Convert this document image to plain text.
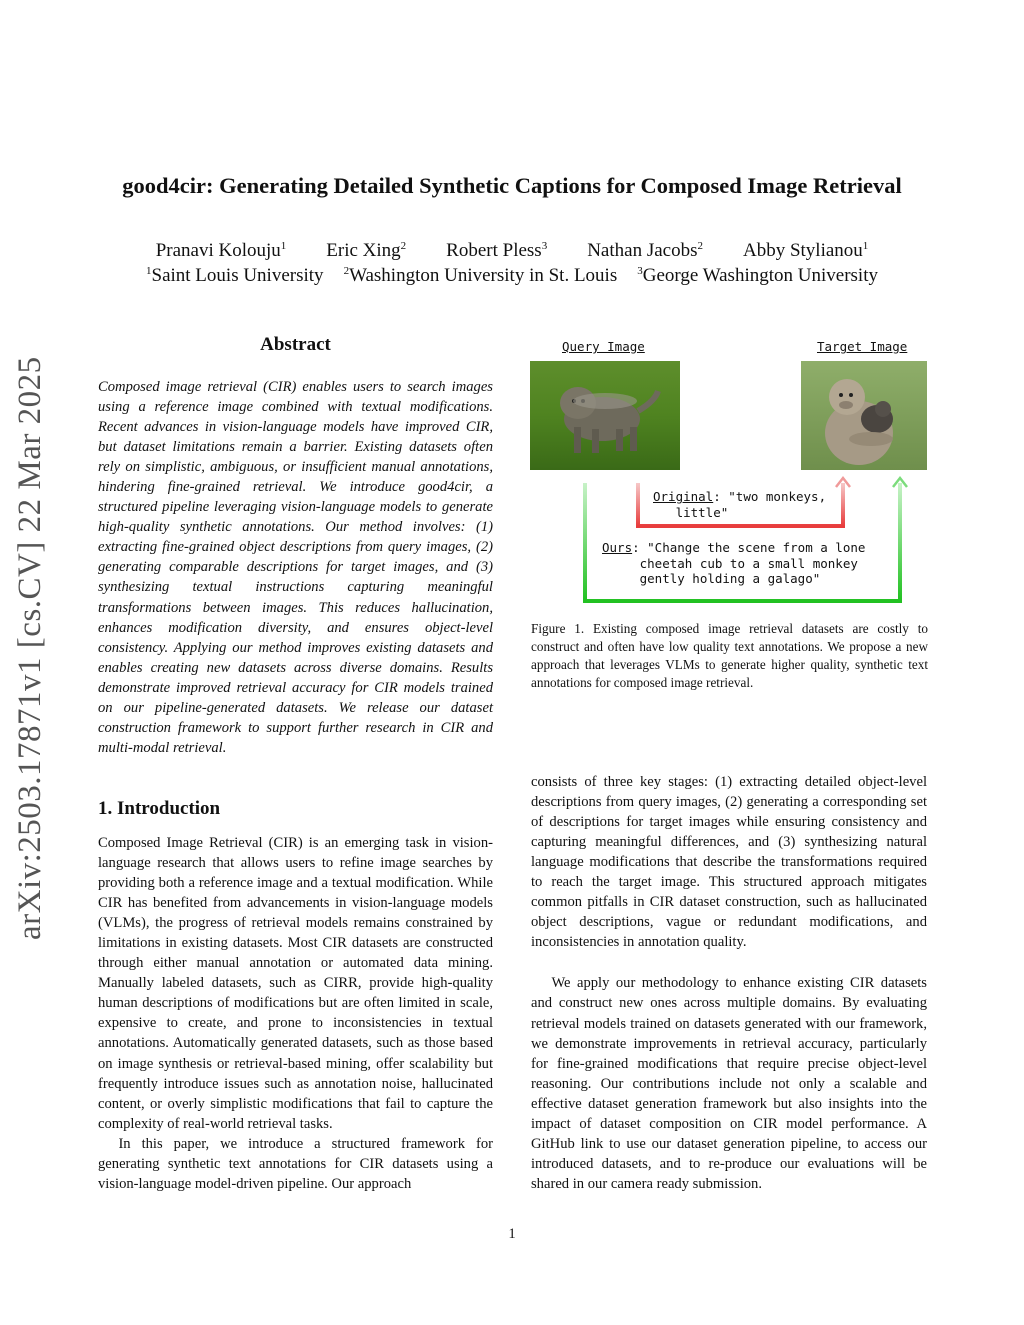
arXiv:2503.17871v1 [cs.CV] 22 Mar 2025
good4cir: Generating Detailed Synthetic Captions for Composed Image Retrieval
Pranavi Kolouju$^1$ Eric Xing$^2$ Robert Pless$^3$ Nathan Jacobs$^2$ Abby Stylianou$^1$
$^1$Saint Louis University $^2$Washington University in St. Louis $^3$George Washington University
Abstract
Composed image retrieval (CIR) enables users to search images using a reference image combined with textual modifications. Recent advances in vision-language models have improved CIR, but dataset limitations remain a barrier. Existing datasets often rely on simplistic, ambiguous, or insufficient manual annotations, hindering fine-grained retrieval. We introduce good4cir, a structured pipeline leveraging vision-language models to generate high-quality synthetic annotations. Our method involves: (1) extracting fine-grained object descriptions from query images, (2) generating comparable descriptions for target images, and (3) synthesizing textual instructions capturing meaningful transformations between images. This reduces hallucination, enhances modification diversity, and ensures object-level consistency. Applying our method improves existing datasets and enables creating new datasets across diverse domains. Results demonstrate improved retrieval accuracy for CIR models trained on our pipeline-generated datasets. We release our dataset construction framework to support further research in CIR and multi-modal retrieval.
1. Introduction

Composed Image Retrieval (CIR) is an emerging task in vision-language research that allows users to refine image searches by providing both a reference image and a textual modification. While CIR has benefited from advancements in vision-language models (VLMs), the progress of retrieval models remains constrained by limitations in existing datasets. Most CIR datasets are constructed through either manual annotation or automated data mining. Manually labeled datasets, such as CIRR, provide high-quality human descriptions of modifications but are often limited in scale, expensive to create, and prone to inconsistencies in textual annotations. Automatically generated datasets, such as those based on image synthesis or retrieval-based mining, offer scalability but frequently introduce issues such as annotation noise, hallucinated content, or overly simplistic modifications that fail to capture the complexity of real-world retrieval tasks.

In this paper, we introduce a structured framework for generating synthetic text annotations for CIR datasets using a vision-language model-driven pipeline. Our approach

Query Image	Target Image
Original: "two monkeys,
little"
Ours: "Change the scene from a lone
cheetah cub to a small monkey
gently holding a galago"
Figure 1. Existing composed image retrieval datasets are costly to construct and often have low quality text annotations. We propose a new approach that leverages VLMs to generate higher quality, synthetic text annotations for composed image retrieval.

consists of three key stages: (1) extracting detailed object-level descriptions from query images, (2) generating a corresponding set of descriptions for target images while ensuring consistency and capturing meaningful differences, and (3) synthesizing natural language modifications that describe the transformations required to reach the target image. This structured approach mitigates common pitfalls in CIR dataset construction, such as hallucinated object descriptions, vague or redundant modifications, and inconsistencies in annotation quality.

We apply our methodology to enhance existing CIR datasets and construct new ones across multiple domains. By evaluating retrieval models trained on datasets generated with our framework, we demonstrate improvements in retrieval accuracy, particularly for fine-grained modifications that require precise object-level reasoning. Our contributions include not only a scalable and effective dataset generation framework but also insights into the impact of dataset composition on CIR model performance. A GitHub link to use our dataset generation pipeline, to access our introduced datasets, and to re-produce our evaluations will be shared in our camera ready submission.

1
